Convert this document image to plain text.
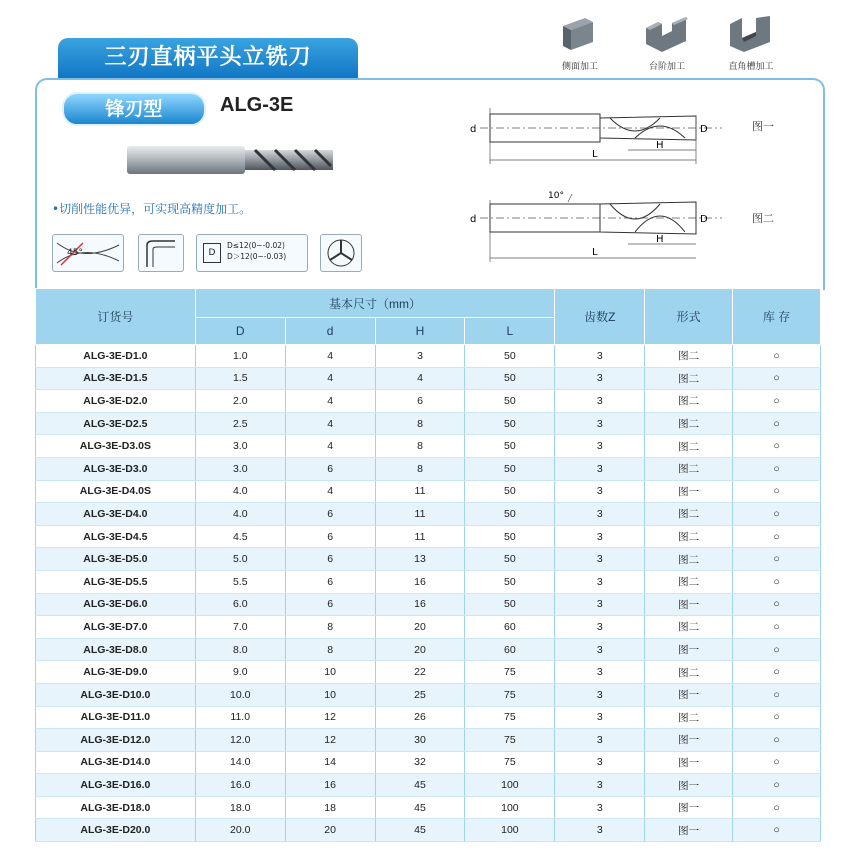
三刃直柄平头立铣刀	侧面加工	台阶加工	直角槽加工
锋刃型	ALG-3E
•切削性能优异，可实现高精度加工。
45°	D
D≤12(0~-0.02)
D＞12(0~-0.03)
d	D
H
L
图一
10°
d	D
H
L
图二
订货号	基本尺寸（mm）				齿数Z	形式	库 存
	D	d	H	L			
ALG-3E-D1.0	1.0	4	3	50	3	图二	○
ALG-3E-D1.5	1.5	4	4	50	3	图二	○
ALG-3E-D2.0	2.0	4	6	50	3	图二	○
ALG-3E-D2.5	2.5	4	8	50	3	图二	○
ALG-3E-D3.0S	3.0	4	8	50	3	图二	○
ALG-3E-D3.0	3.0	6	8	50	3	图二	○
ALG-3E-D4.0S	4.0	4	11	50	3	图一	○
ALG-3E-D4.0	4.0	6	11	50	3	图二	○
ALG-3E-D4.5	4.5	6	11	50	3	图二	○
ALG-3E-D5.0	5.0	6	13	50	3	图二	○
ALG-3E-D5.5	5.5	6	16	50	3	图二	○
ALG-3E-D6.0	6.0	6	16	50	3	图一	○
ALG-3E-D7.0	7.0	8	20	60	3	图二	○
ALG-3E-D8.0	8.0	8	20	60	3	图一	○
ALG-3E-D9.0	9.0	10	22	75	3	图二	○
ALG-3E-D10.0	10.0	10	25	75	3	图一	○
ALG-3E-D11.0	11.0	12	26	75	3	图二	○
ALG-3E-D12.0	12.0	12	30	75	3	图一	○
ALG-3E-D14.0	14.0	14	32	75	3	图一	○
ALG-3E-D16.0	16.0	16	45	100	3	图一	○
ALG-3E-D18.0	18.0	18	45	100	3	图一	○
ALG-3E-D20.0	20.0	20	45	100	3	图一	○
